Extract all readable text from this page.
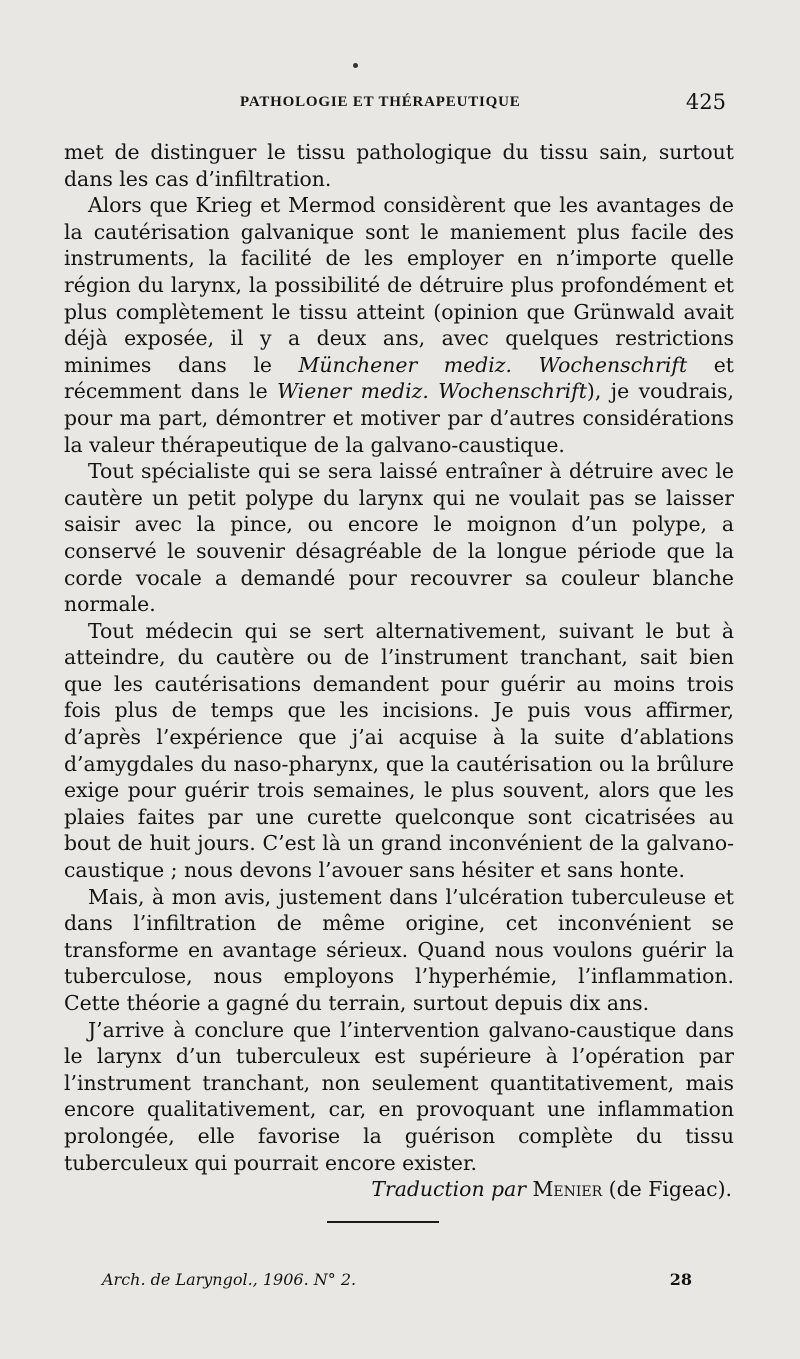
PATHOLOGIE ET THÉRAPEUTIQUE	425

met de distinguer le tissu pathologique du tissu sain, surtout dans les cas d’infiltration.

Alors que Krieg et Mermod considèrent que les avantages de la cautérisation galvanique sont le maniement plus facile des instruments, la facilité de les employer en n’importe quelle région du larynx, la possibilité de détruire plus profondément et plus complètement le tissu atteint (opinion que Grünwald avait déjà exposée, il y a deux ans, avec quelques restrictions minimes dans le Münchener mediz. Wochenschrift et récemment dans le Wiener mediz. Wochenschrift), je voudrais, pour ma part, démontrer et motiver par d’autres considérations la valeur thérapeutique de la galvano-caustique.

Tout spécialiste qui se sera laissé entraîner à détruire avec le cautère un petit polype du larynx qui ne voulait pas se laisser saisir avec la pince, ou encore le moignon d’un polype, a conservé le souvenir désagréable de la longue période que la corde vocale a demandé pour recouvrer sa couleur blanche normale.

Tout médecin qui se sert alternativement, suivant le but à atteindre, du cautère ou de l’instrument tranchant, sait bien que les cautérisations demandent pour guérir au moins trois fois plus de temps que les incisions. Je puis vous affirmer, d’après l’expérience que j’ai acquise à la suite d’ablations d’amygdales du naso-pharynx, que la cautérisation ou la brûlure exige pour guérir trois semaines, le plus souvent, alors que les plaies faites par une curette quelconque sont cicatrisées au bout de huit jours. C’est là un grand inconvénient de la galvano-caustique ; nous devons l’avouer sans hésiter et sans honte.

Mais, à mon avis, justement dans l’ulcération tuberculeuse et dans l’infiltration de même origine, cet inconvénient se transforme en avantage sérieux. Quand nous voulons guérir la tuberculose, nous employons l’hyperhémie, l’inflammation. Cette théorie a gagné du terrain, surtout depuis dix ans.

J’arrive à conclure que l’intervention galvano-caustique dans le larynx d’un tuberculeux est supérieure à l’opération par l’instrument tranchant, non seulement quantitativement, mais encore qualitativement, car, en provoquant une inflammation prolongée, elle favorise la guérison complète du tissu tuberculeux qui pourrait encore exister.

Traduction par Menier (de Figeac).

Arch. de Laryngol., 1906. N° 2.	28
